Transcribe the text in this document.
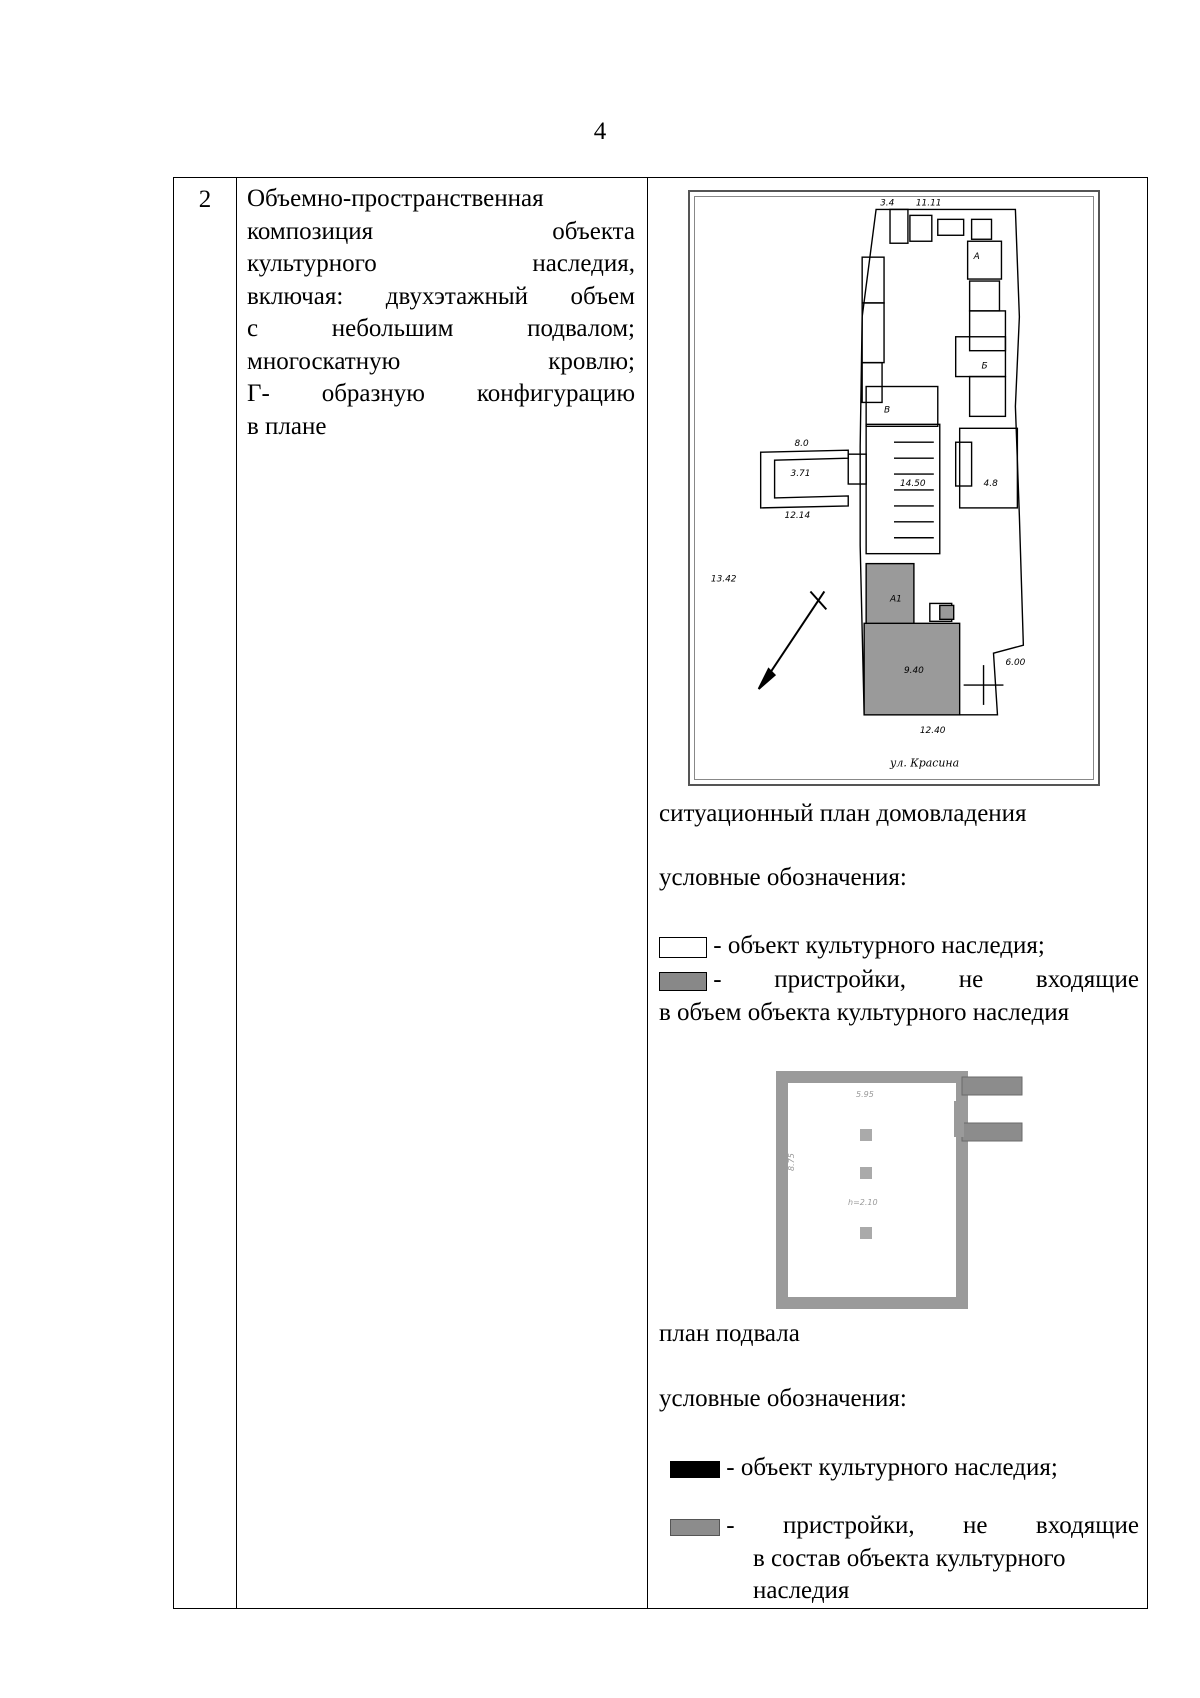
4
2	Объемно-пространственная
композиция	объекта
культурного	наследия,
включая: двухэтажный объем
с	небольшим	подвалом;
многоскатную	кровлю;
Г- образную конфигурацию
в плане
11.11
3.4
А
Б
В
14.50	4.8
3.71
8.0
12.14
13.42
А1
9.40
12.40
6.00
ул. Красина
ситуационный план домовладения
условные обозначения:
- объект культурного наследия;
- пристройки, не входящие
в объем объекта культурного наследия
5.95
h=2.10
8.75
план подвала
условные обозначения:
- объект культурного наследия;
- пристройки, не входящие
в состав объекта культурного наследия
